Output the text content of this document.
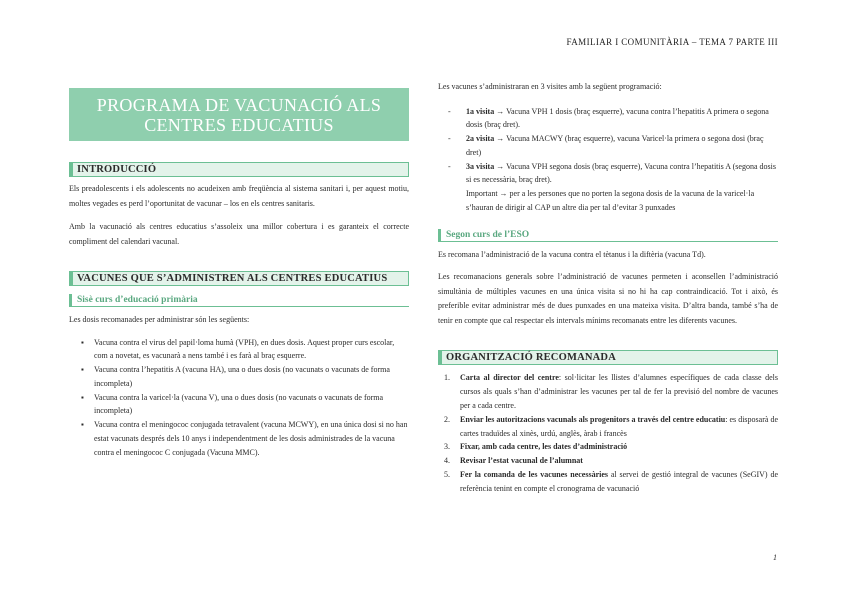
FAMILIAR I COMUNITÀRIA – TEMA 7 PARTE III
PROGRAMA DE VACUNACIÓ ALS CENTRES EDUCATIUS
INTRODUCCIÓ

Els preadolescents i els adolescents no acudeixen amb freqüència al sistema sanitari i, per aquest motiu, moltes vegades es perd l’oportunitat de vacunar – los en els centres sanitaris.

Amb la vacunació als centres educatius s’assoleix una millor cobertura i es garanteix el correcte compliment del calendari vacunal.

VACUNES QUE S’ADMINISTREN ALS CENTRES EDUCATIUS
Sisè curs d’educació primària

Les dosis recomanades per administrar són les següents:

▪ Vacuna contra el virus del papil·loma humà (VPH), en dues dosis. Aquest proper curs escolar, com a novetat, es vacunarà a nens també i es farà al braç esquerre.
▪ Vacuna contra l’hepatitis A (vacuna HA), una o dues dosis (no vacunats o vacunats de forma incompleta)
▪ Vacuna contra la varicel·la (vacuna V), una o dues dosis (no vacunats o vacunats de forma incompleta)
▪ Vacuna contra el meningococ conjugada tetravalent (vacuna MCWY), en una única dosi si no han estat vacunats després dels 10 anys i independentment de les dosis administrades de la vacuna contra el meningococ C conjugada (Vacuna MMC).

Les vacunes s’administraran en 3 visites amb la següent programació:

- 1a visita → Vacuna VPH 1 dosis (braç esquerre), vacuna contra l’hepatitis A primera o segona dosis (braç dret).
- 2a visita → Vacuna MACWY (braç esquerre), vacuna Varicel·la primera o segona dosi (braç dret)
- 3a visita → Vacuna VPH segona dosis (braç esquerre), Vacuna contra l’hepatitis A (segona dosis si es necessària, braç dret).
Important → per a les persones que no porten la segona dosis de la vacuna de la varicel·la s’hauran de dirigir al CAP un altre dia per tal d’evitar 3 punxades
Segon curs de l’ESO

Es recomana l’administració de la vacuna contra el tètanus i la diftèria (vacuna Td).

Les recomanacions generals sobre l’administració de vacunes permeten i aconsellen l’administració simultània de múltiples vacunes en una única visita si no hi ha cap contraindicació. Tot i això, és preferible evitar administrar més de dues punxades en una mateixa visita. D’altra banda, també s’ha de tenir en compte que cal respectar els intervals mínims recomanats entre les diferents vacunes.

ORGANITZACIÓ RECOMANADA
1. Carta al director del centre: sol·licitar les llistes d’alumnes específiques de cada classe dels cursos als quals s’han d’administrar les vacunes per tal de fer la previsió del nombre de vacunes per a cada centre.
2. Enviar les autoritzacions vacunals als progenitors a través del centre educatiu: es disposarà de cartes traduïdes al xinès, urdú, anglès, àrab i francès
3. Fixar, amb cada centre, les dates d’administració
4. Revisar l’estat vacunal de l’alumnat
5. Fer la comanda de les vacunes necessàries al servei de gestió integral de vacunes (SeGIV) de referència tenint en compte el cronograma de vacunació
1
